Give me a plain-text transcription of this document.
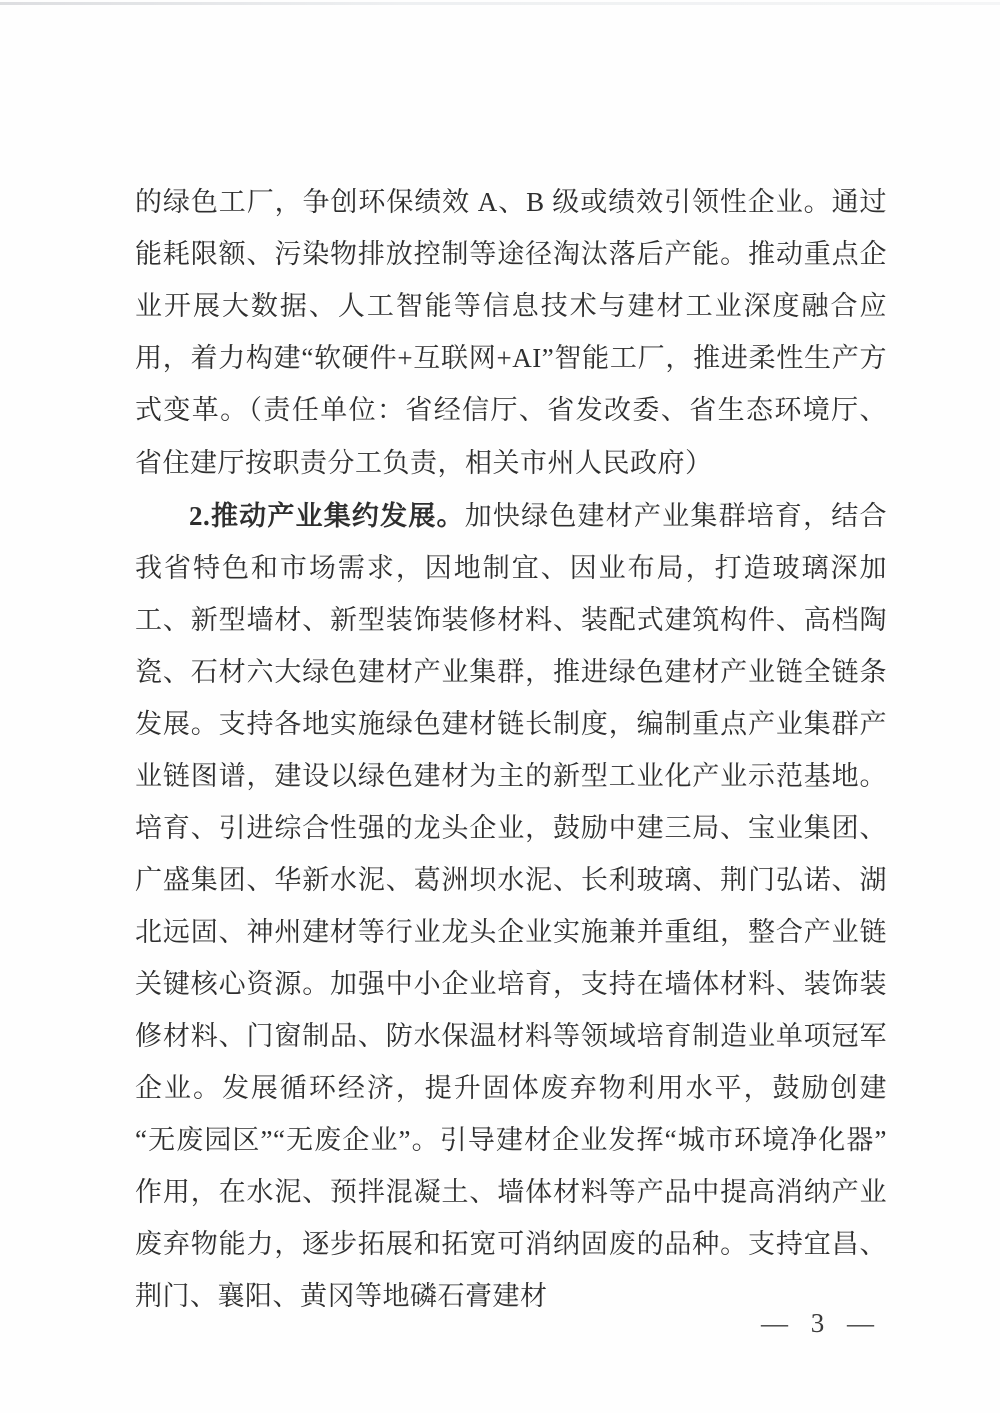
的绿色工厂，争创环保绩效 A、B 级或绩效引领性企业。通过能耗限额、污染物排放控制等途径淘汰落后产能。推动重点企业开展大数据、人工智能等信息技术与建材工业深度融合应用，着力构建“软硬件+互联网+AI”智能工厂，推进柔性生产方式变革。（责任单位：省经信厅、省发改委、省生态环境厅、省住建厅按职责分工负责，相关市州人民政府）

2.推动产业集约发展。加快绿色建材产业集群培育，结合我省特色和市场需求，因地制宜、因业布局，打造玻璃深加工、新型墙材、新型装饰装修材料、装配式建筑构件、高档陶瓷、石材六大绿色建材产业集群，推进绿色建材产业链全链条发展。支持各地实施绿色建材链长制度，编制重点产业集群产业链图谱，建设以绿色建材为主的新型工业化产业示范基地。培育、引进综合性强的龙头企业，鼓励中建三局、宝业集团、广盛集团、华新水泥、葛洲坝水泥、长利玻璃、荆门弘诺、湖北远固、神州建材等行业龙头企业实施兼并重组，整合产业链关键核心资源。加强中小企业培育，支持在墙体材料、装饰装修材料、门窗制品、防水保温材料等领域培育制造业单项冠军企业。发展循环经济，提升固体废弃物利用水平，鼓励创建“无废园区”“无废企业”。引导建材企业发挥“城市环境净化器”作用，在水泥、预拌混凝土、墙体材料等产品中提高消纳产业废弃物能力，逐步拓展和拓宽可消纳固废的品种。支持宜昌、荆门、襄阳、黄冈等地磷石膏建材

— 3 —
